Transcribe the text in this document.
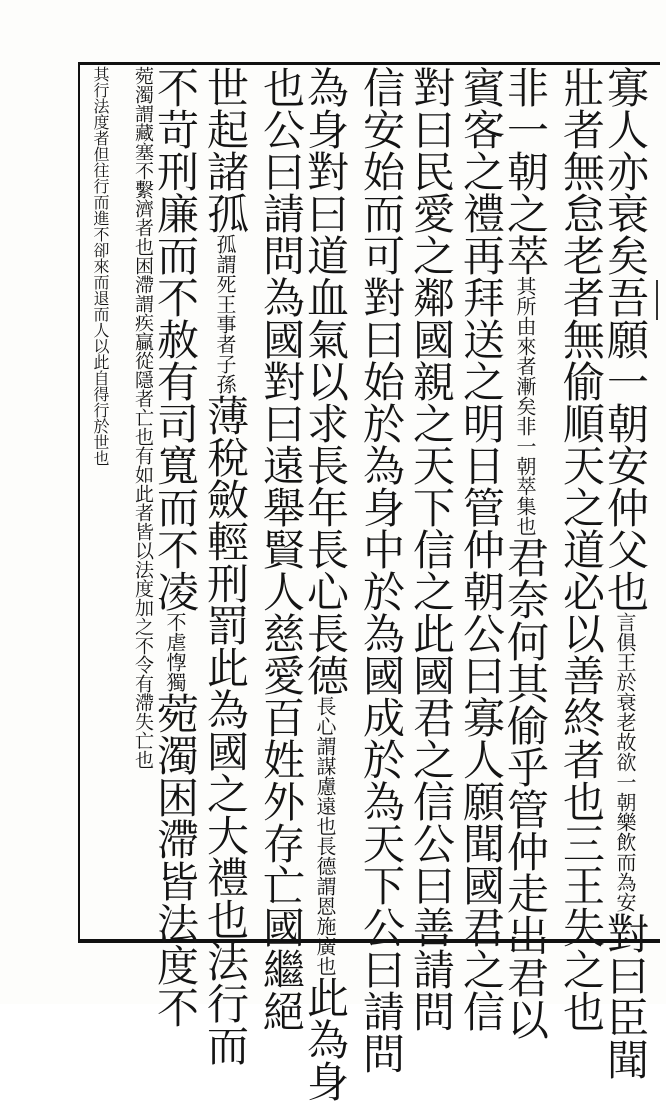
寡人亦衰矣吾願一朝安仲父也言俱王於衰老故欲一朝樂飲而為安對曰臣聞
壯者無怠老者無偷順天之道必以善終者也三王失之也
非一朝之萃其所由來者漸矣非一朝萃集也君奈何其偷乎管仲走出君以
賓客之禮再拜送之明日管仲朝公曰寡人願聞國君之信
對曰民愛之鄰國親之天下信之此國君之信公曰善請問
信安始而可對曰始於為身中於為國成於為天下公曰請問
為身對曰道血氣以求長年長心長德長心謂謀慮遠也長德謂恩施廣也此為身
也公曰請問為國對曰遠舉賢人慈愛百姓外存亡國繼絕
世起諸孤孤謂死王事者子孫薄稅斂輕刑罰此為國之大禮也法行而
不苛刑廉而不赦有司寬而不凌不虐惸獨菀濁困滯皆法度不
菀濁謂藏塞不繫濟者也困滯謂疾贏從隱者亡也有如此者皆以法度加之不令有滯失亡也
其行法度者但往行而進不卻來而退而人以此自得行於世也
